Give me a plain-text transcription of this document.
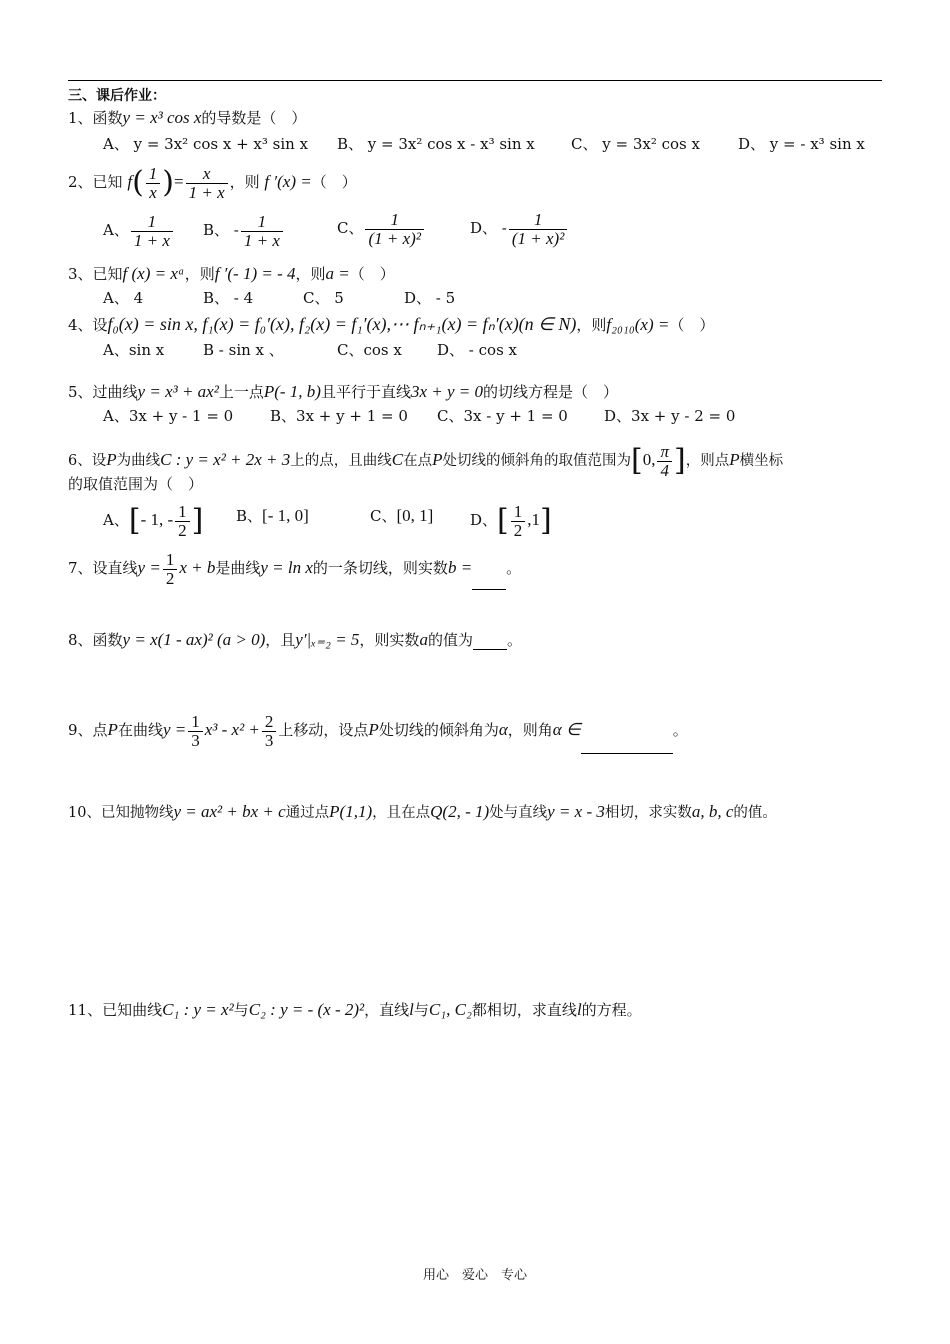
三、课后作业：
1、函数y = x³ cos x的导数是（　）
A、 y = 3x² cos x + x³ sin x B、 y = 3x² cos x - x³ sin x C、 y = 3x² cos x	D、 y = - x³ sin x
2、已知 $f( \frac{1}{x}$ )= $\frac{x}{1 + x}$ ，则 f ′(x) =（　）
A、 $\frac{1}{1 + x}$ B、 - $\frac{1}{1 + x}$	C、 $\frac{1}{\text{(1 + x)²}}$	D、 - $\frac{1}{\text{(1 + x)²}}$
3、已知f (x) = xᵃ，则f ′(- 1) = - 4，则a =（　）
A、 4	B、 - 4	C、 5	D、 - 5
4、设f₀(x) = sin x, f₁(x) = f₀′(x), f₂(x) = f₁′(x),⋯ fₙ₊₁(x) = fₙ′(x)(n ∈ N)，则f₂₀₁₀(x) =（　）
A、sin x	B - sin x 、	C、cos x D、 - cos x
5、过曲线y = x³ + ax²上一点P(- 1, b)且平行于直线3x + y = 0的切线方程是（　）
A、3x + y - 1 = 0 B、3x + y + 1 = 0 C、3x - y + 1 = 0 D、3x + y - 2 = 0
6、设P为曲线C : y = x² + 2x + 3上的点，且曲线C在点P处切线的倾斜角的取值范围为[0, $\frac{\pi}{4}$ ]，则点P横坐标
的取值范围为（　）
A、[- 1, - $\frac{1}{2}$ ] B、[- 1, 0]	C、[0, 1] D、[ $\frac{1}{2} ,1$]
7、设直线$y = \frac{1}{2}$ x + b是曲线y = ln x的一条切线，则实数b = 。
8、函数y = x(1 - ax)² (a > 0)，且y′|ₓ₌₂ = 5，则实数a的值为 。
9、点P在曲线$y = \frac{1}{3} x^3 - x^2 + \frac{2}{3}$ 上移动，设点P处切线的倾斜角为α，则角α ∈	。
10、已知抛物线y = ax² + bx + c通过点P(1,1)，且在点Q(2, - 1)处与直线y = x - 3相切，求实数a, b, c的值。
11、已知曲线C₁ : y = x²与C₂ : y = - (x - 2)²，直线l与C₁, C₂都相切，求直线l的方程。
用心　爱心　专心
